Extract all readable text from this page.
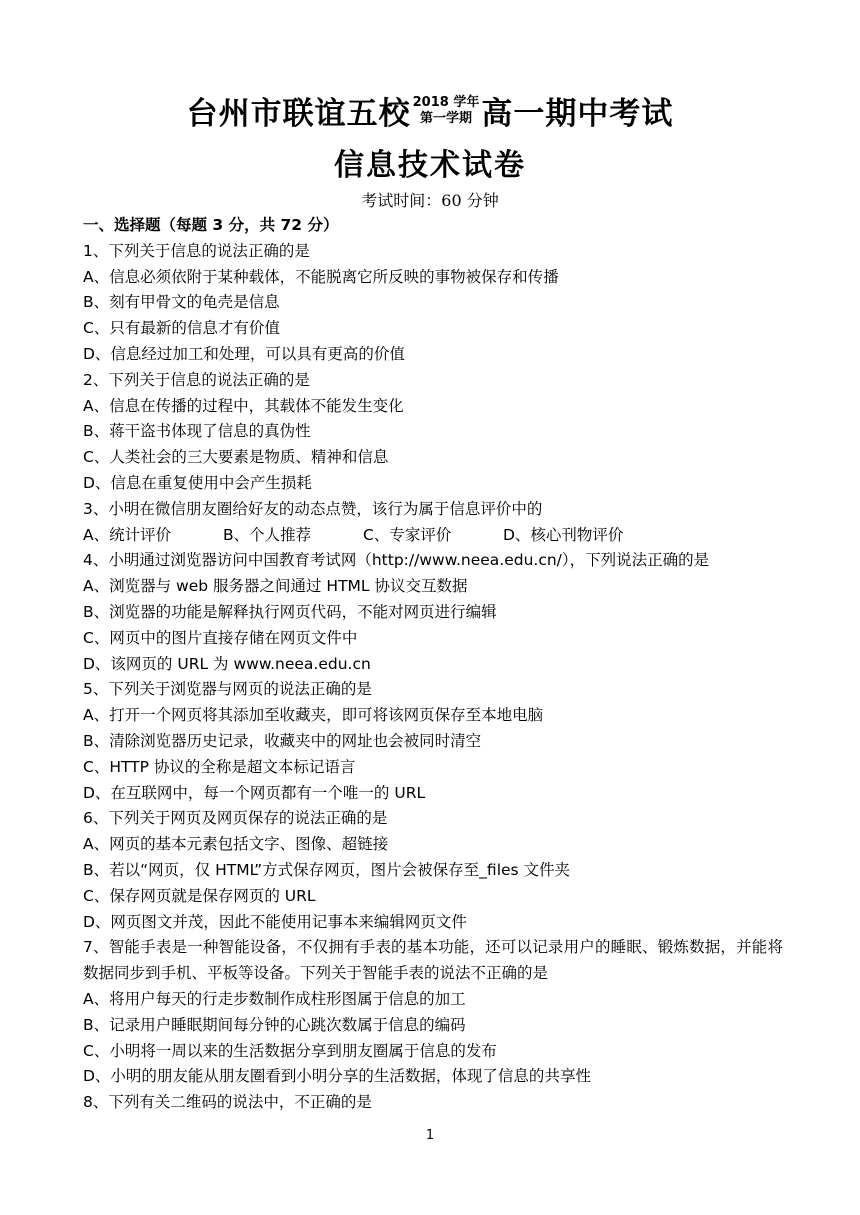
台州市联谊五校 2018 学年
第一学期 高一期中考试
信息技术试卷
考试时间：60 分钟
一、选择题（每题 3 分，共 72 分）
1、下列关于信息的说法正确的是
A、信息必须依附于某种载体，不能脱离它所反映的事物被保存和传播
B、刻有甲骨文的龟壳是信息
C、只有最新的信息才有价值
D、信息经过加工和处理，可以具有更高的价值
2、下列关于信息的说法正确的是
A、信息在传播的过程中，其载体不能发生变化
B、蒋干盗书体现了信息的真伪性
C、人类社会的三大要素是物质、精神和信息
D、信息在重复使用中会产生损耗
3、小明在微信朋友圈给好友的动态点赞，该行为属于信息评价中的
A、统计评价	B、个人推荐	C、专家评价	D、核心刊物评价
4、小明通过浏览器访问中国教育考试网（http://www.neea.edu.cn/），下列说法正确的是
A、浏览器与 web 服务器之间通过 HTML 协议交互数据
B、浏览器的功能是解释执行网页代码，不能对网页进行编辑
C、网页中的图片直接存储在网页文件中
D、该网页的 URL 为 www.neea.edu.cn
5、下列关于浏览器与网页的说法正确的是
A、打开一个网页将其添加至收藏夹，即可将该网页保存至本地电脑
B、清除浏览器历史记录，收藏夹中的网址也会被同时清空
C、HTTP 协议的全称是超文本标记语言
D、在互联网中，每一个网页都有一个唯一的 URL
6、下列关于网页及网页保存的说法正确的是
A、网页的基本元素包括文字、图像、超链接
B、若以“网页，仅 HTML”方式保存网页，图片会被保存至_files 文件夹
C、保存网页就是保存网页的 URL
D、网页图文并茂，因此不能使用记事本来编辑网页文件
7、智能手表是一种智能设备，不仅拥有手表的基本功能，还可以记录用户的睡眠、锻炼数据，并能将数据同步到手机、平板等设备。下列关于智能手表的说法不正确的是
A、将用户每天的行走步数制作成柱形图属于信息的加工
B、记录用户睡眠期间每分钟的心跳次数属于信息的编码
C、小明将一周以来的生活数据分享到朋友圈属于信息的发布
D、小明的朋友能从朋友圈看到小明分享的生活数据，体现了信息的共享性
8、下列有关二维码的说法中，不正确的是
1
